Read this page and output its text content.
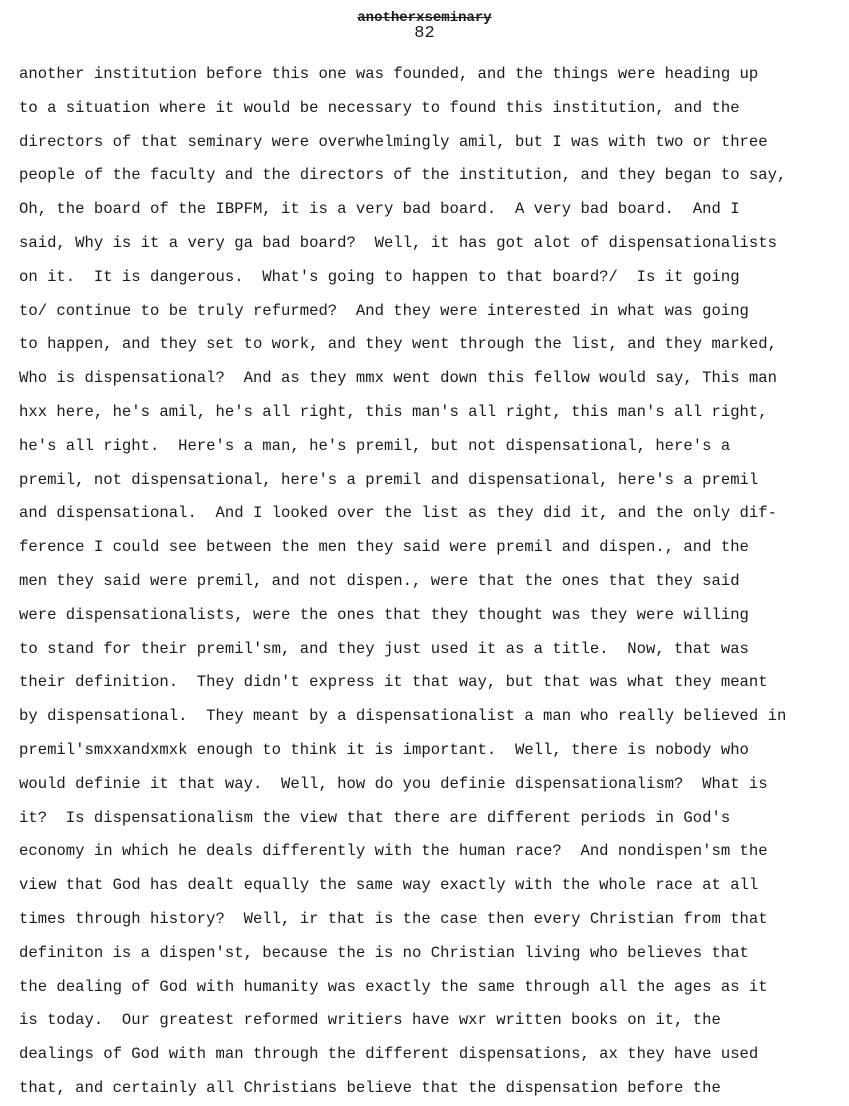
anotherxseminary
82
another institution before this one was founded, and the things were heading up
to a situation where it would be necessary to found this institution, and the
directors of that seminary were overwhelmingly amil, but I was with two or three
people of the faculty and the directors of the institution, and they began to say,
Oh, the board of the IBPFM, it is a very bad board.  A very bad board.  And I
said, Why is it a very ga bad board?  Well, it has got alot of dispensationalists
on it.  It is dangerous.  What's going to happen to that board?/  Is it going
to/ continue to be truly refurmed?  And they were interested in what was going
to happen, and they set to work, and they went through the list, and they marked,
Who is dispensational?  And as they mmx went down this fellow would say, This man
hxx here, he's amil, he's all right, this man's all right, this man's all right,
he's all right.  Here's a man, he's premil, but not dispensational, here's a
premil, not dispensational, here's a premil and dispensational, here's a premil
and dispensational.  And I looked over the list as they did it, and the only dif-
ference I could see between the men they said were premil and dispen., and the
men they said were premil, and not dispen., were that the ones that they said
were dispensationalists, were the ones that they thought was they were willing
to stand for their premil'sm, and they just used it as a title.  Now, that was
their definition.  They didn't express it that way, but that was what they meant
by dispensational.  They meant by a dispensationalist a man who really believed in
premil'smxxandxmxk enough to think it is important.  Well, there is nobody who
would definie it that way.  Well, how do you definie dispensationalism?  What is
it?  Is dispensationalism the view that there are different periods in God's
economy in which he deals differently with the human race?  And nondispen'sm the
view that God has dealt equally the same way exactly with the whole race at all
times through history?  Well, ir that is the case then every Christian from that
definiton is a dispen'st, because the is no Christian living who believes that
the dealing of God with humanity was exactly the same through all the ages as it
is today.  Our greatest reformed writiers have wxr written books on it, the
dealings of God with man through the different dispensations, ax they have used
that, and certainly all Christians believe that the dispensation before the
